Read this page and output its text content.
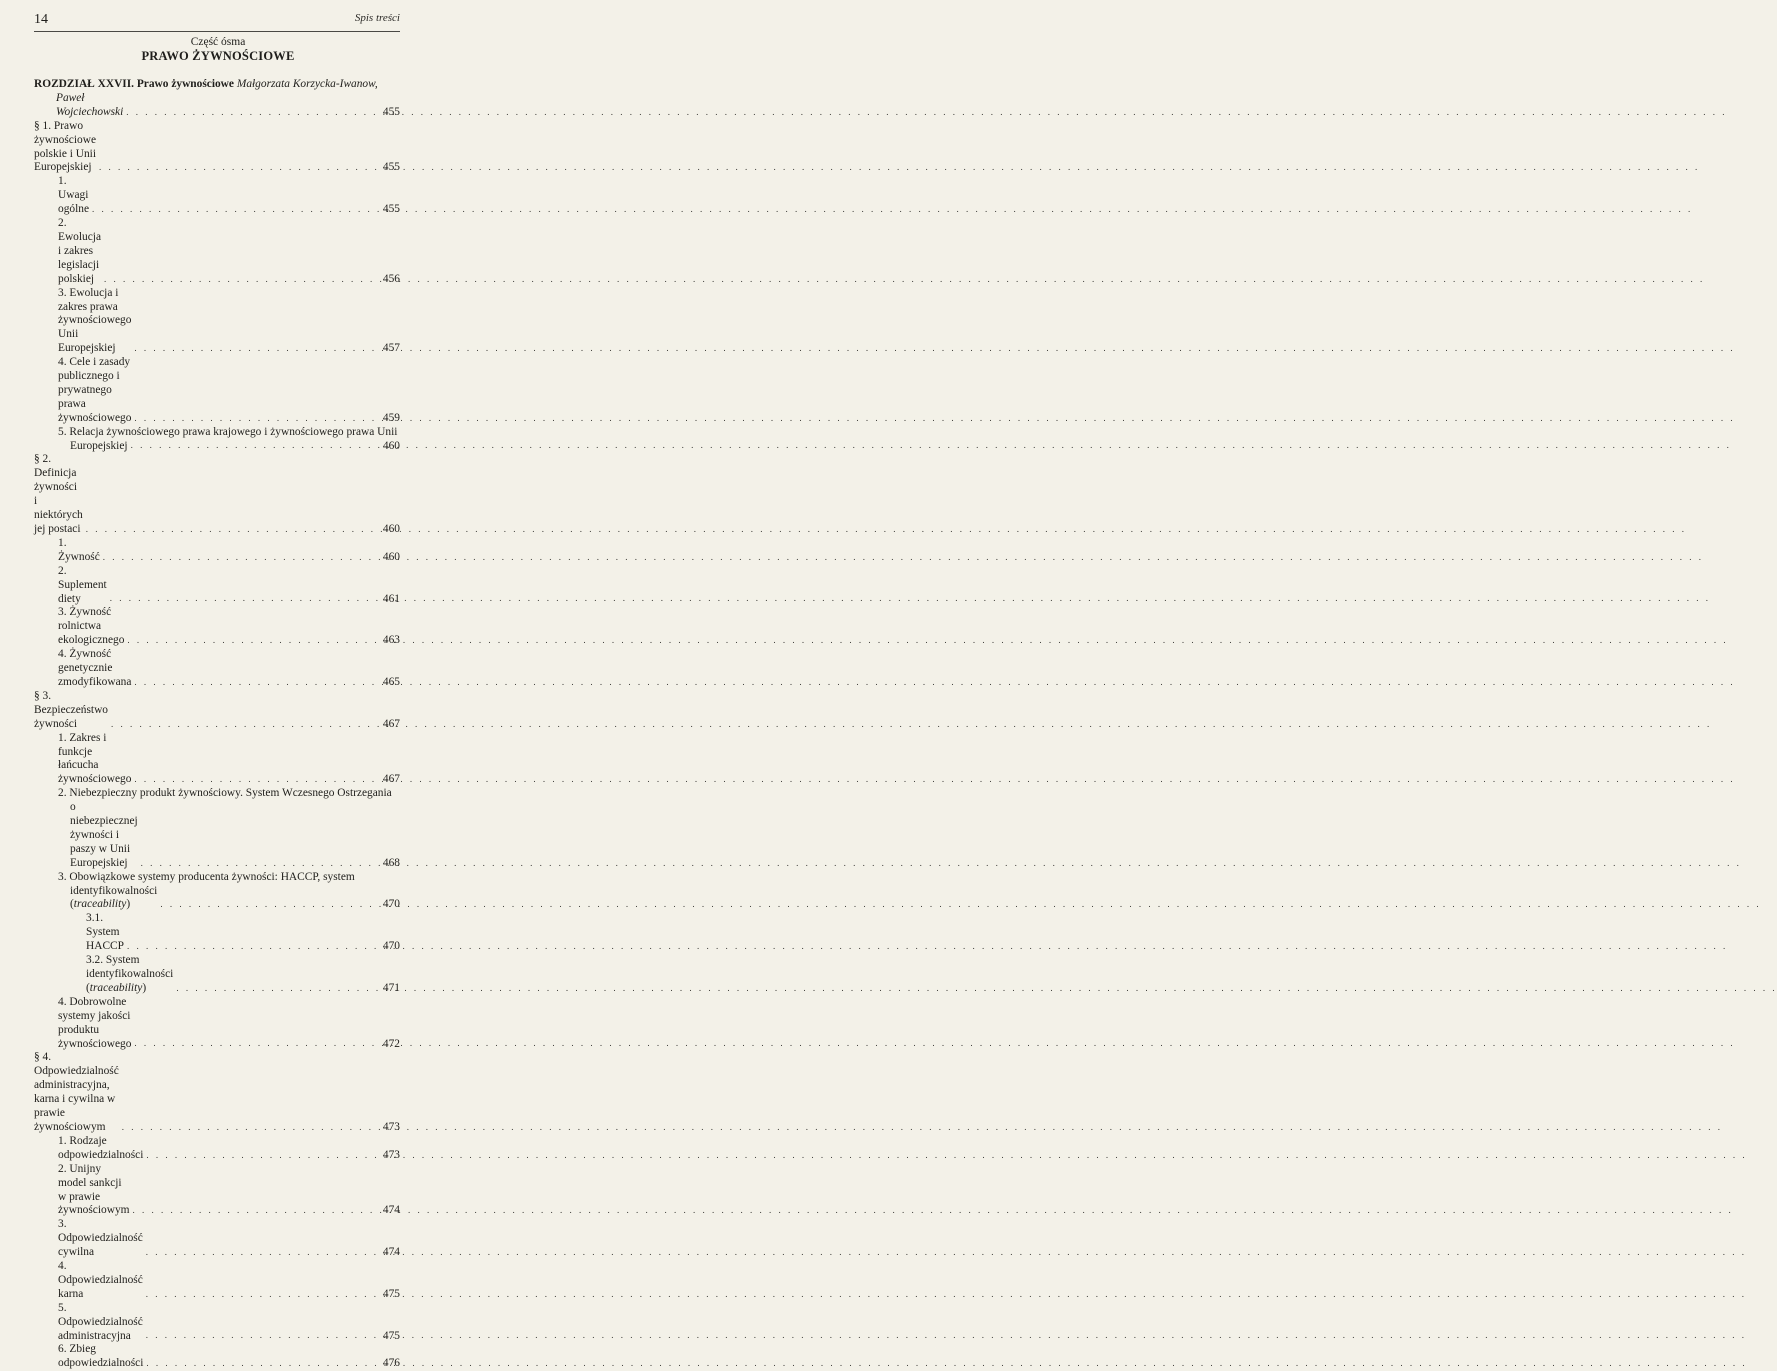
14	Spis treści
Część ósma
PRAWO ŻYWNOŚCIOWE
ROZDZIAŁ XXVII. Prawo żywnościowe Małgorzata Korzycka-Iwanow,
Paweł Wojciechowski . . .	455
§ 1. Prawo żywnościowe polskie i Unii Europejskiej . . .	455
1. Uwagi ogólne . . .	455
2. Ewolucja i zakres legislacji polskiej . . .	456
3. Ewolucja i zakres prawa żywnościowego Unii Europejskiej . . .	457
4. Cele i zasady publicznego i prywatnego prawa żywnościowego . . .	459
5. Relacja żywnościowego prawa krajowego i żywnościowego prawa Unii
Europejskiej . . .	460
§ 2. Definicja żywności i niektórych jej postaci . . .	460
1. Żywność . . .	460
2. Suplement diety . . .	461
3. Żywność rolnictwa ekologicznego . . .	463
4. Żywność genetycznie zmodyfikowana . . .	465
§ 3. Bezpieczeństwo żywności . . .	467
1. Zakres i funkcje łańcucha żywnościowego . . .	467
2. Niebezpieczny produkt żywnościowy. System Wczesnego Ostrzegania
o niebezpiecznej żywności i paszy w Unii Europejskiej . . .	468
3. Obowiązkowe systemy producenta żywności: HACCP, system
identyfikowalności (traceability) . . .	470
3.1. System HACCP . . .	470
3.2. System identyfikowalności (traceability) . . .	471
4. Dobrowolne systemy jakości produktu żywnościowego . . .	472
§ 4. Odpowiedzialność administracyjna, karna i cywilna w prawie żywnościowym . . .	473
1. Rodzaje odpowiedzialności . . .	473
2. Unijny model sankcji w prawie żywnościowym . . .	474
3. Odpowiedzialność cywilna . . .	474
4. Odpowiedzialność karna . . .	475
5. Odpowiedzialność administracyjna . . .	475
6. Zbieg odpowiedzialności . . .	476
